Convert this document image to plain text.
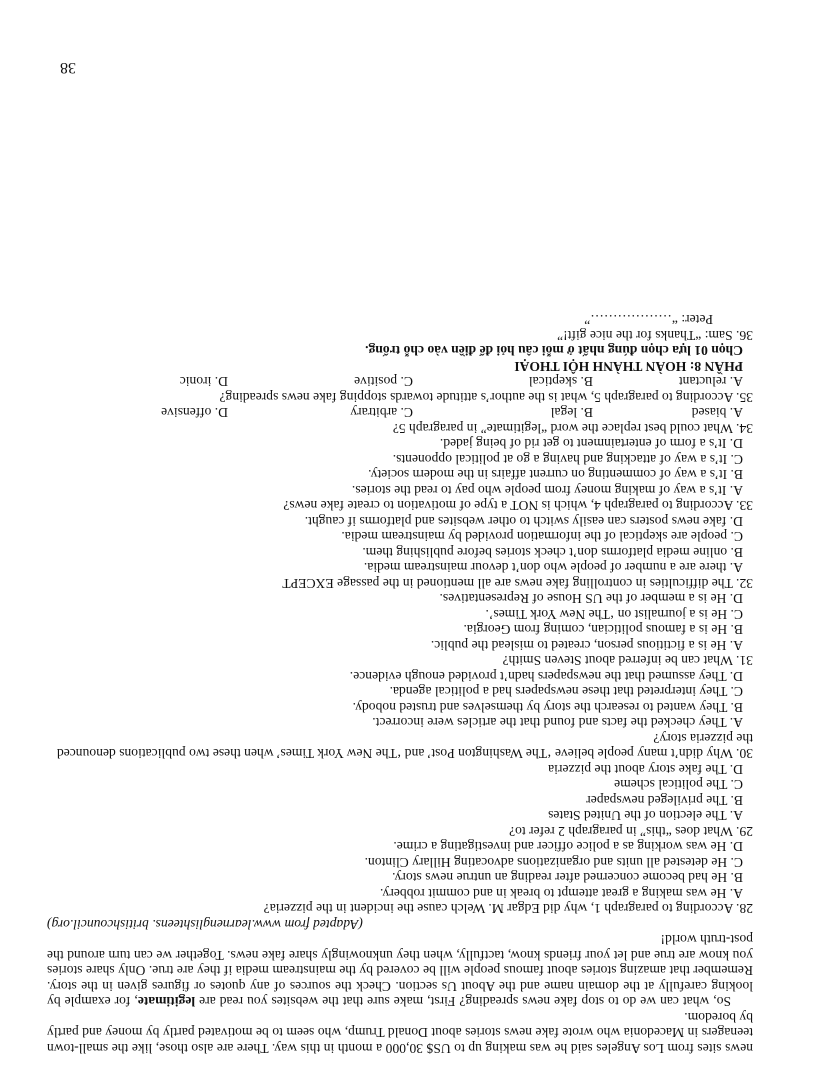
news sites from Los Angeles said he was making up to US$ 30,000 a month in this way. There are also those, like the small-town teenagers in Macedonia who wrote fake news stories about Donald Trump, who seem to be motivated partly by money and partly by boredom.

So, what can we do to stop fake news spreading? First, make sure that the websites you read are legitimate, for example by looking carefully at the domain name and the About Us section. Check the sources of any quotes or figures given in the story. Remember that amazing stories about famous people will be covered by the mainstream media if they are true. Only share stories you know are true and let your friends know, tactfully, when they unknowingly share fake news. Together we can turn around the post-truth world!

(Adapted from www.learnenglishteens. britishcouncil.org)

28. According to paragraph 1, why did Edgar M. Welch cause the incident in the pizzeria?

A. He was making a great attempt to break in and commit robbery.

B. He had become concerned after reading an untrue news story.

C. He detested all units and organizations advocating Hillary Clinton.

D. He was working as a police officer and investigating a crime.

29. What does “this” in paragraph 2 refer to?

A. The election of the United States

B. The privileged newspaper

C. The political scheme

D. The fake story about the pizzeria

30. Why didn’t many people believe ‘The Washington Post’ and ‘The New York Times’ when these two publications denounced the pizzeria story?

A. They checked the facts and found that the articles were incorrect.

B. They wanted to research the story by themselves and trusted nobody.

C. They interpreted that these newspapers had a political agenda.

D. They assumed that the newspapers hadn’t provided enough evidence.

31. What can be inferred about Steven Smith?

A. He is a fictitious person, created to mislead the public.

B. He is a famous politician, coming from Georgia.

C. He is a journalist on ‘The New York Times’.

D. He is a member of the US House of Representatives.

32. The difficulties in controlling fake news are all mentioned in the passage EXCEPT

A. there are a number of people who don’t devour mainstream media.

B. online media platforms don’t check stories before publishing them.

C. people are skeptical of the information provided by mainstream media.

D. fake news posters can easily switch to other websites and platforms if caught.

33. According to paragraph 4, which is NOT a type of motivation to create fake news?

A. It’s a way of making money from people who pay to read the stories.

B. It’s a way of commenting on current affairs in the modern society.

C. It’s a way of attacking and having a go at political opponents.

D. It’s a form of entertainment to get rid of being jaded.

34. What could best replace the word “legitimate” in paragraph 5?

A. biased
B. legal
C. arbitrary
D. offensive

35. According to paragraph 5, what is the author’s attitude towards stopping fake news spreading?

A. reluctant
B. skeptical
C. positive
D. ironic

PHẦN 8: HOÀN THÀNH HỘI THOẠI

Chọn 01 lựa chọn đúng nhất ở mỗi câu hỏi để điền vào chỗ trống.

36. Sam: “Thanks for the nice gift!”

Peter: “………………”

38
